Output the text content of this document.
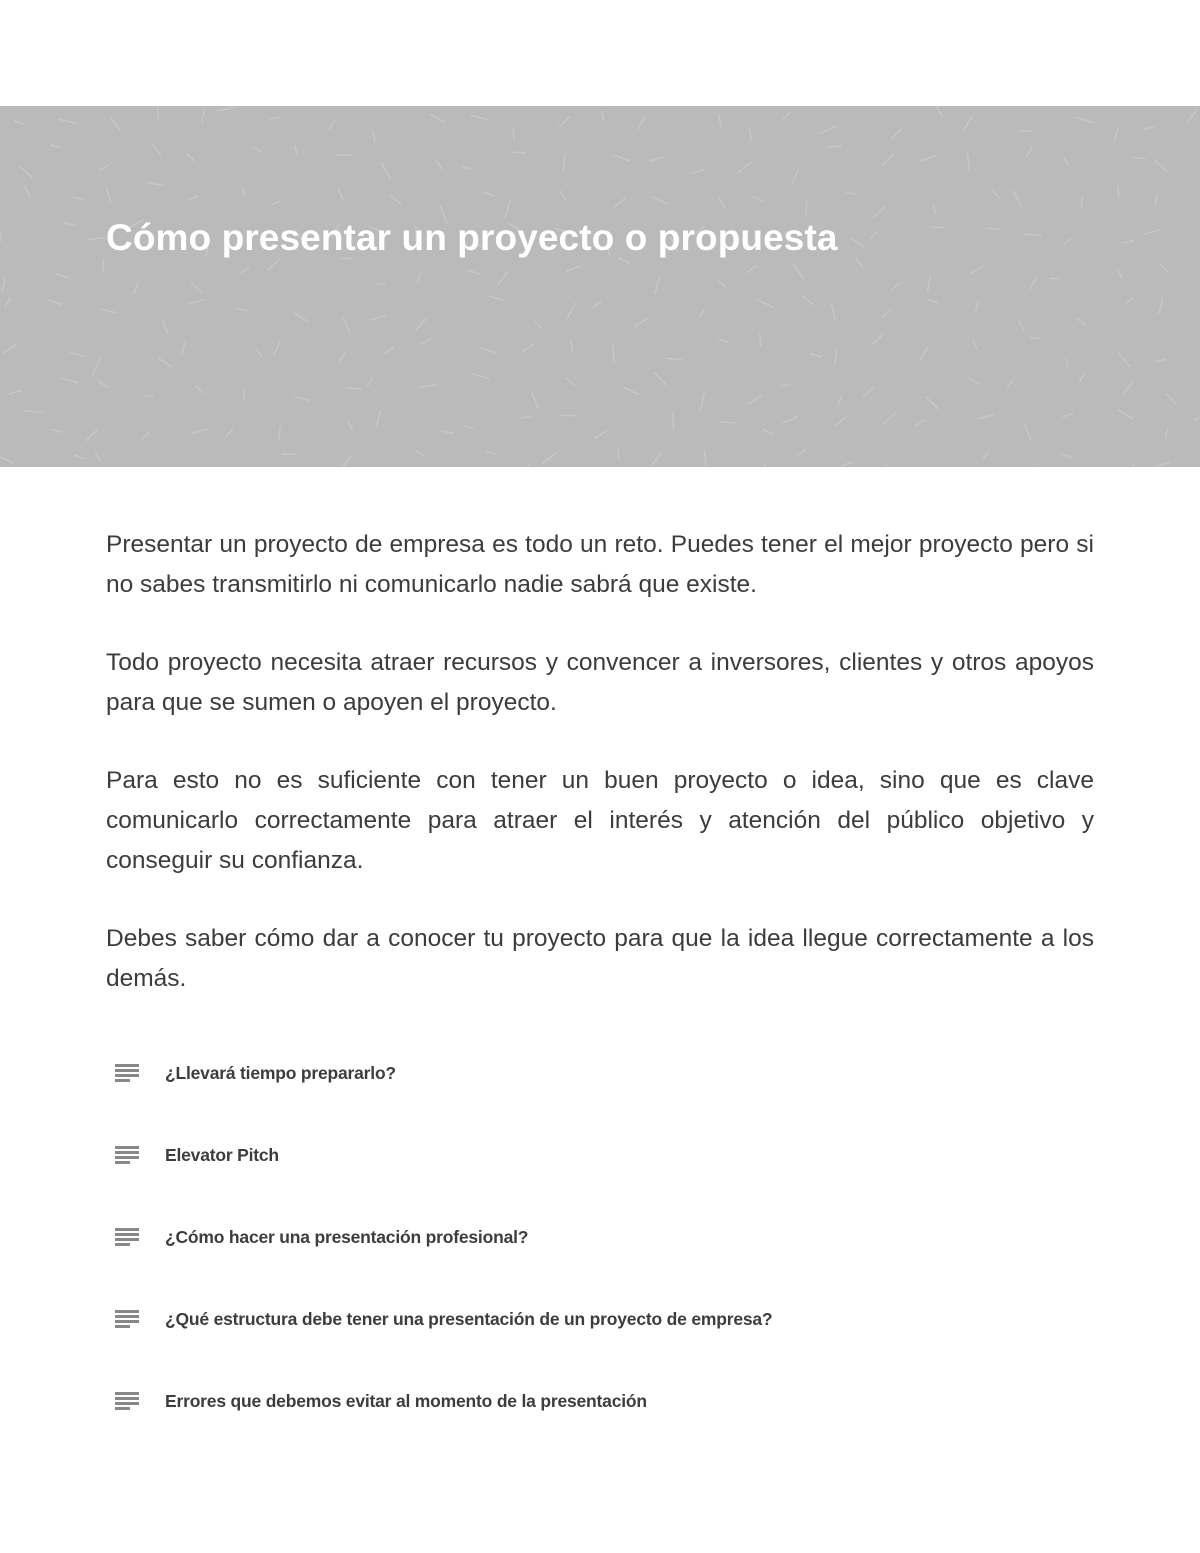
Cómo presentar un proyecto o propuesta

Presentar un proyecto de empresa es todo un reto. Puedes tener el mejor proyecto pero si no sabes transmitirlo ni comunicarlo nadie sabrá que existe.

Todo proyecto necesita atraer recursos y convencer a inversores, clientes y otros apoyos para que se sumen o apoyen el proyecto.

Para esto no es suficiente con tener un buen proyecto o idea, sino que es clave comunicarlo correctamente para atraer el interés y atención del público objetivo y conseguir su confianza.

Debes saber cómo dar a conocer tu proyecto para que la idea llegue correctamente a los demás.

¿Llevará tiempo prepararlo?
Elevator Pitch
¿Cómo hacer una presentación profesional?
¿Qué estructura debe tener una presentación de un proyecto de empresa?
Errores que debemos evitar al momento de la presentación
